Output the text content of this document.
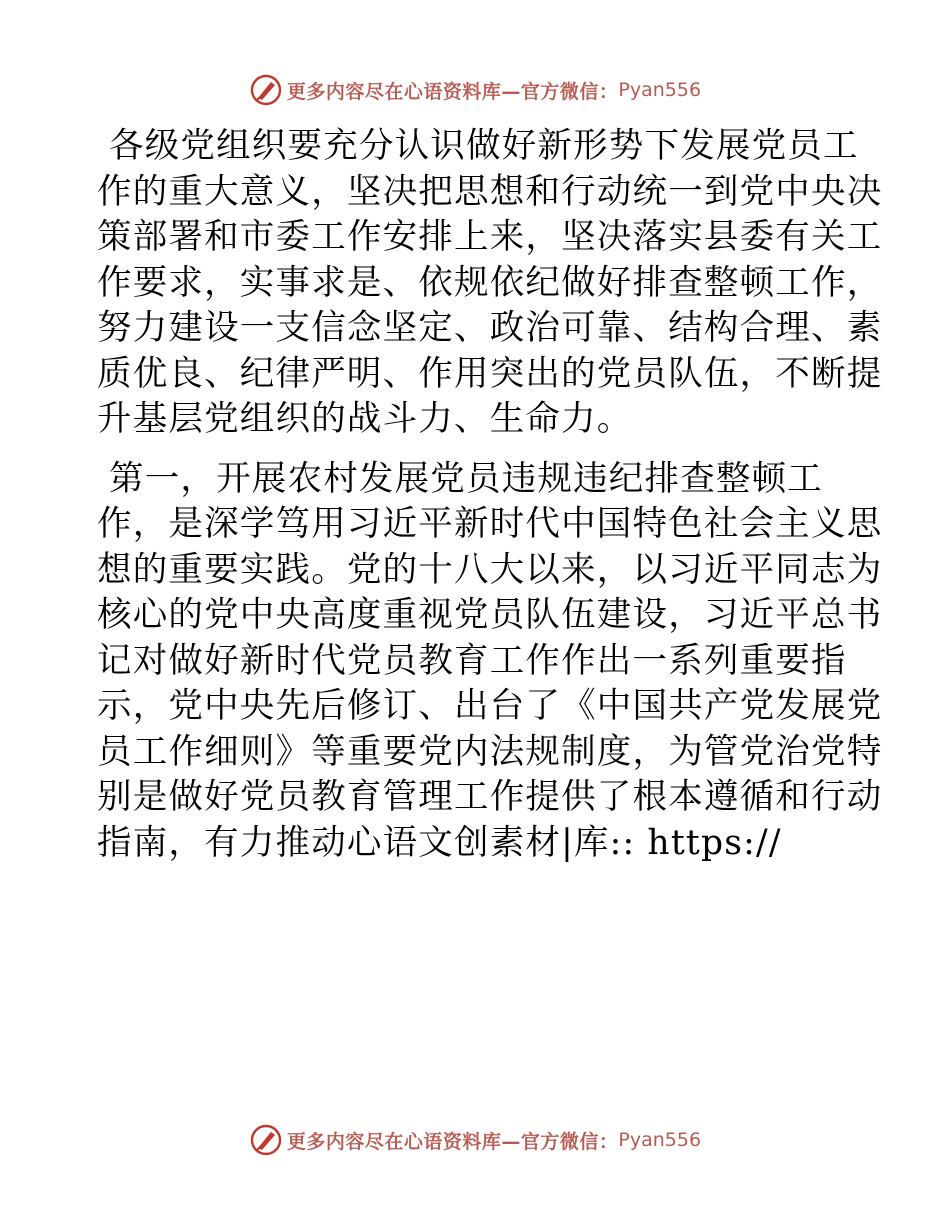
更多内容尽在心语资料库—官方微信： Pyan556
各级党组织要充分认识做好新形势下发展党员工
作的重大意义，坚决把思想和行动统一到党中央决
策部署和市委工作安排上来，坚决落实县委有关工
作要求，实事求是、依规依纪做好排查整顿工作，
努力建设一支信念坚定、政治可靠、结构合理、素
质优良、纪律严明、作用突出的党员队伍，不断提
升基层党组织的战斗力、生命力。
第一，开展农村发展党员违规违纪排查整顿工
作，是深学笃用习近平新时代中国特色社会主义思
想的重要实践。党的十八大以来，以习近平同志为
核心的党中央高度重视党员队伍建设，习近平总书
记对做好新时代党员教育工作作出一系列重要指
示，党中央先后修订、出台了《中国共产党发展党
员工作细则》等重要党内法规制度，为管党治党特
别是做好党员教育管理工作提供了根本遵循和行动
指南，有力推动心语文创素材|库:: https://
更多内容尽在心语资料库—官方微信： Pyan556
